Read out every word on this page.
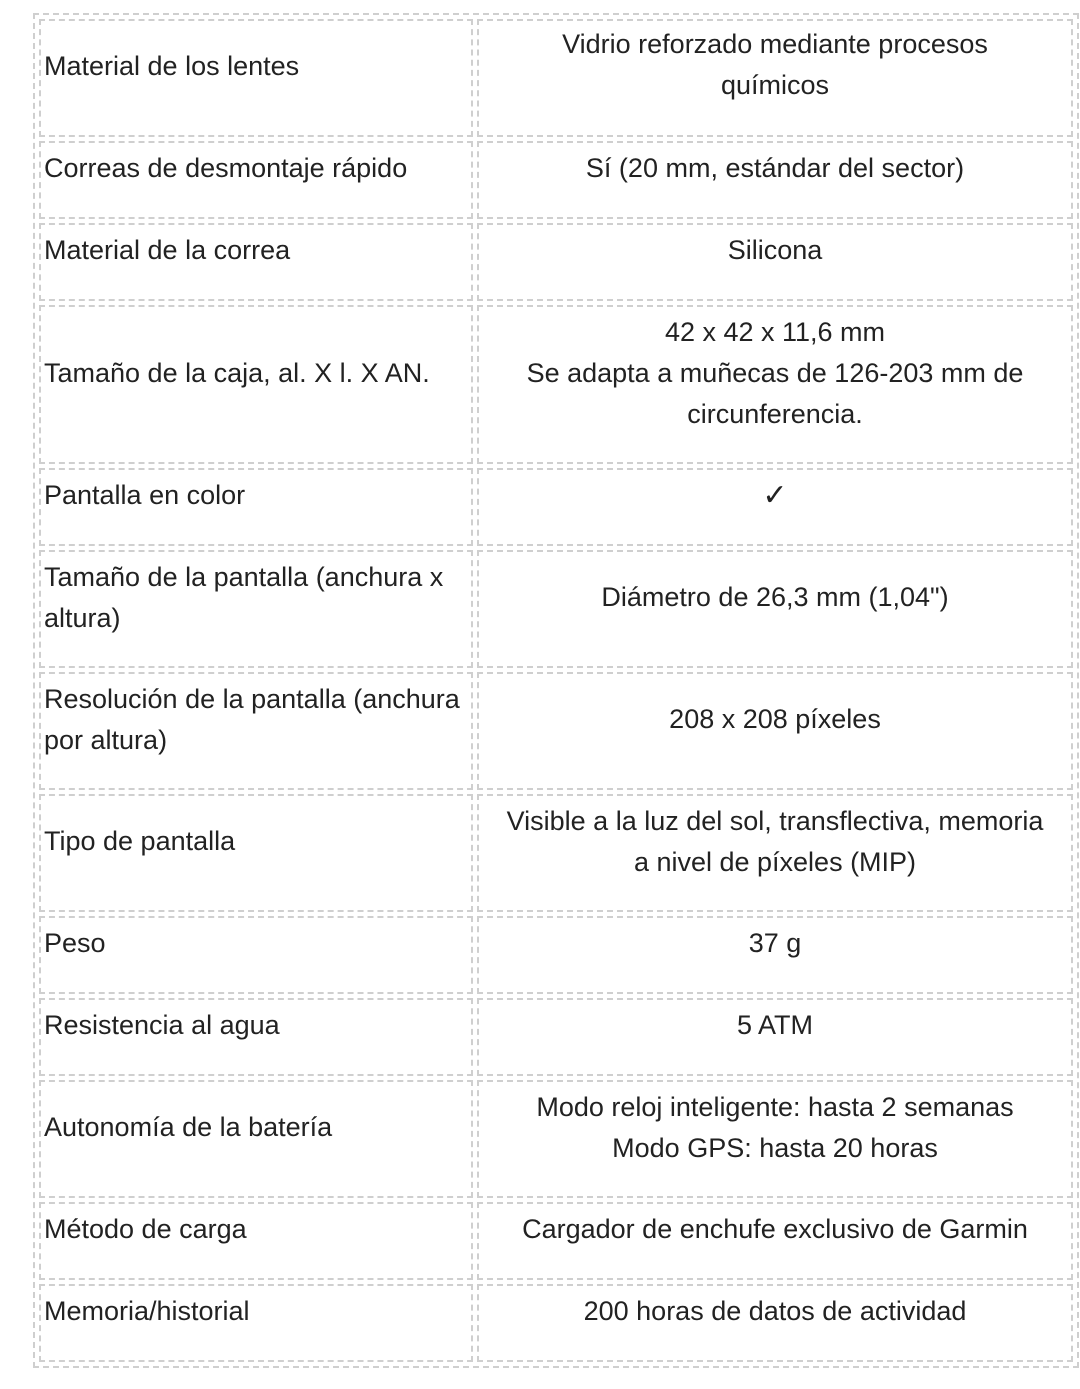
Material de los lentes	Vidrio reforzado mediante procesos
químicos

Correas de desmontaje rápido	Sí (20 mm, estándar del sector)

Material de la correa	Silicona

Tamaño de la caja, al. X l. X AN.	42 x 42 x 11,6 mm
Se adapta a muñecas de 126-203 mm de
circunferencia.

Pantalla en color	✓

Tamaño de la pantalla (anchura x altura)	Diámetro de 26,3 mm (1,04")

Resolución de la pantalla (anchura por altura)	208 x 208 píxeles

Tipo de pantalla	Visible a la luz del sol, transflectiva, memoria
a nivel de píxeles (MIP)

Peso	37 g

Resistencia al agua	5 ATM

Autonomía de la batería	Modo reloj inteligente: hasta 2 semanas
Modo GPS: hasta 20 horas

Método de carga	Cargador de enchufe exclusivo de Garmin

Memoria/historial	200 horas de datos de actividad
